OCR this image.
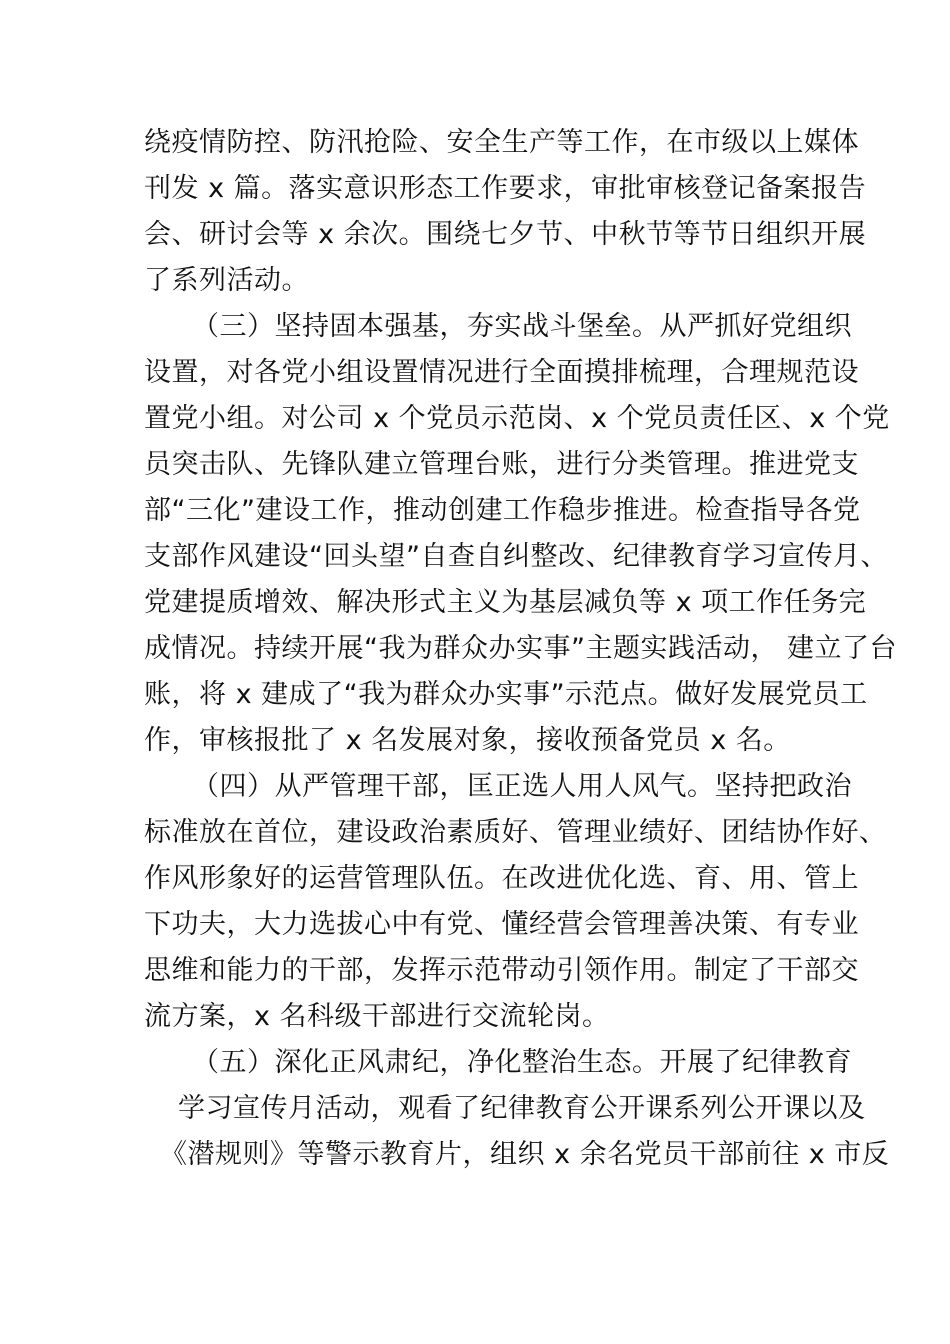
绕疫情防控、防汛抢险、安全生产等工作，在市级以上媒体
刊发 x 篇。落实意识形态工作要求，审批审核登记备案报告
会、研讨会等 x 余次。围绕七夕节、中秋节等节日组织开展
了系列活动。
（三）坚持固本强基，夯实战斗堡垒。从严抓好党组织
设置，对各党小组设置情况进行全面摸排梳理，合理规范设
置党小组。对公司 x 个党员示范岗、x 个党员责任区、x 个党
员突击队、先锋队建立管理台账，进行分类管理。推进党支
部“三化”建设工作，推动创建工作稳步推进。检查指导各党
支部作风建设“回头望”自查自纠整改、纪律教育学习宣传月、
党建提质增效、解决形式主义为基层减负等 x 项工作任务完
成情况。持续开展“我为群众办实事”主题实践活动， 建立了台
账，将 x 建成了“我为群众办实事”示范点。做好发展党员工
作，审核报批了 x 名发展对象，接收预备党员 x 名。
（四）从严管理干部，匡正选人用人风气。坚持把政治
标准放在首位，建设政治素质好、管理业绩好、团结协作好、
作风形象好的运营管理队伍。在改进优化选、育、用、管上
下功夫，大力选拔心中有党、懂经营会管理善决策、有专业
思维和能力的干部，发挥示范带动引领作用。制定了干部交
流方案，x 名科级干部进行交流轮岗。
（五）深化正风肃纪，净化整治生态。开展了纪律教育
学习宣传月活动，观看了纪律教育公开课系列公开课以及
《潜规则》等警示教育片，组织 x 余名党员干部前往 x 市反
